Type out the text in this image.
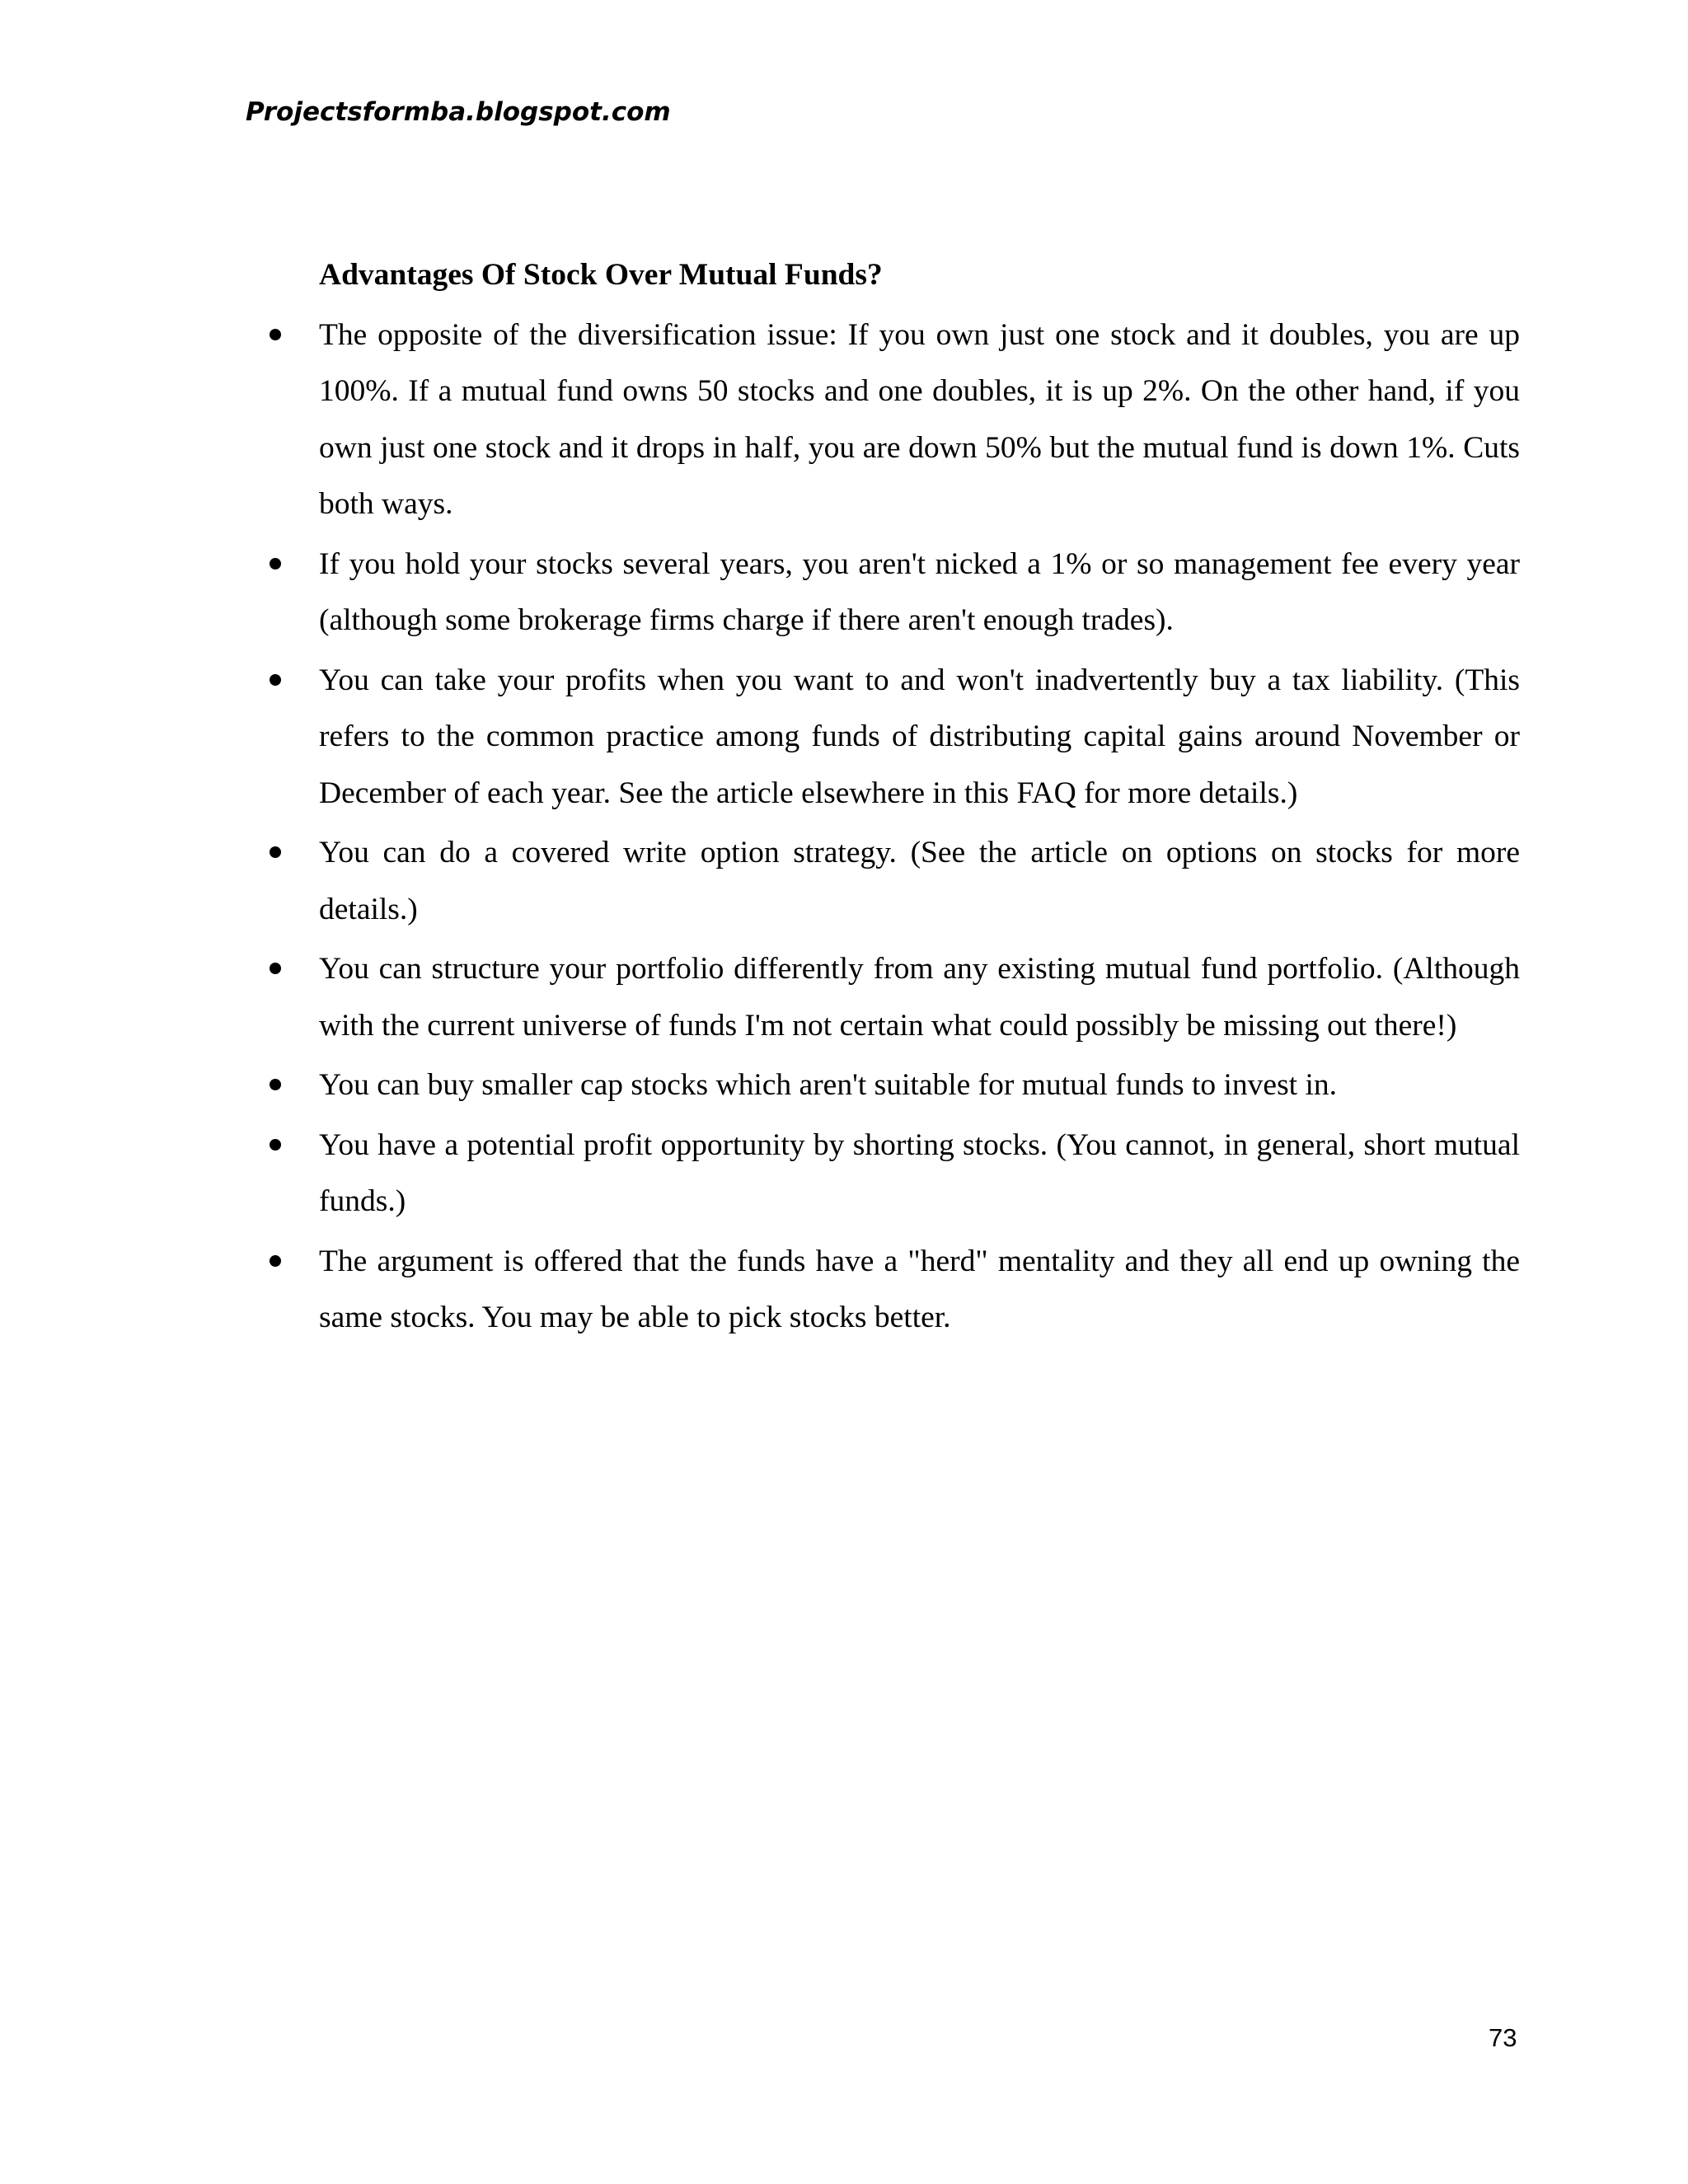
Projectsformba.blogspot.com
Advantages Of Stock Over Mutual Funds?
The opposite of the diversification issue: If you own just one stock and it doubles, you are up 100%. If a mutual fund owns 50 stocks and one doubles, it is up 2%. On the other hand, if you own just one stock and it drops in half, you are down 50% but the mutual fund is down 1%. Cuts both ways.
If you hold your stocks several years, you aren't nicked a 1% or so management fee every year (although some brokerage firms charge if there aren't enough trades).
You can take your profits when you want to and won't inadvertently buy a tax liability. (This refers to the common practice among funds of distributing capital gains around November or December of each year. See the article elsewhere in this FAQ for more details.)
You can do a covered write option strategy. (See the article on options on stocks for more details.)
You can structure your portfolio differently from any existing mutual fund portfolio. (Although with the current universe of funds I'm not certain what could possibly be missing out there!)
You can buy smaller cap stocks which aren't suitable for mutual funds to invest in.
You have a potential profit opportunity by shorting stocks. (You cannot, in general, short mutual funds.)
The argument is offered that the funds have a "herd" mentality and they all end up owning the same stocks. You may be able to pick stocks better.
73
